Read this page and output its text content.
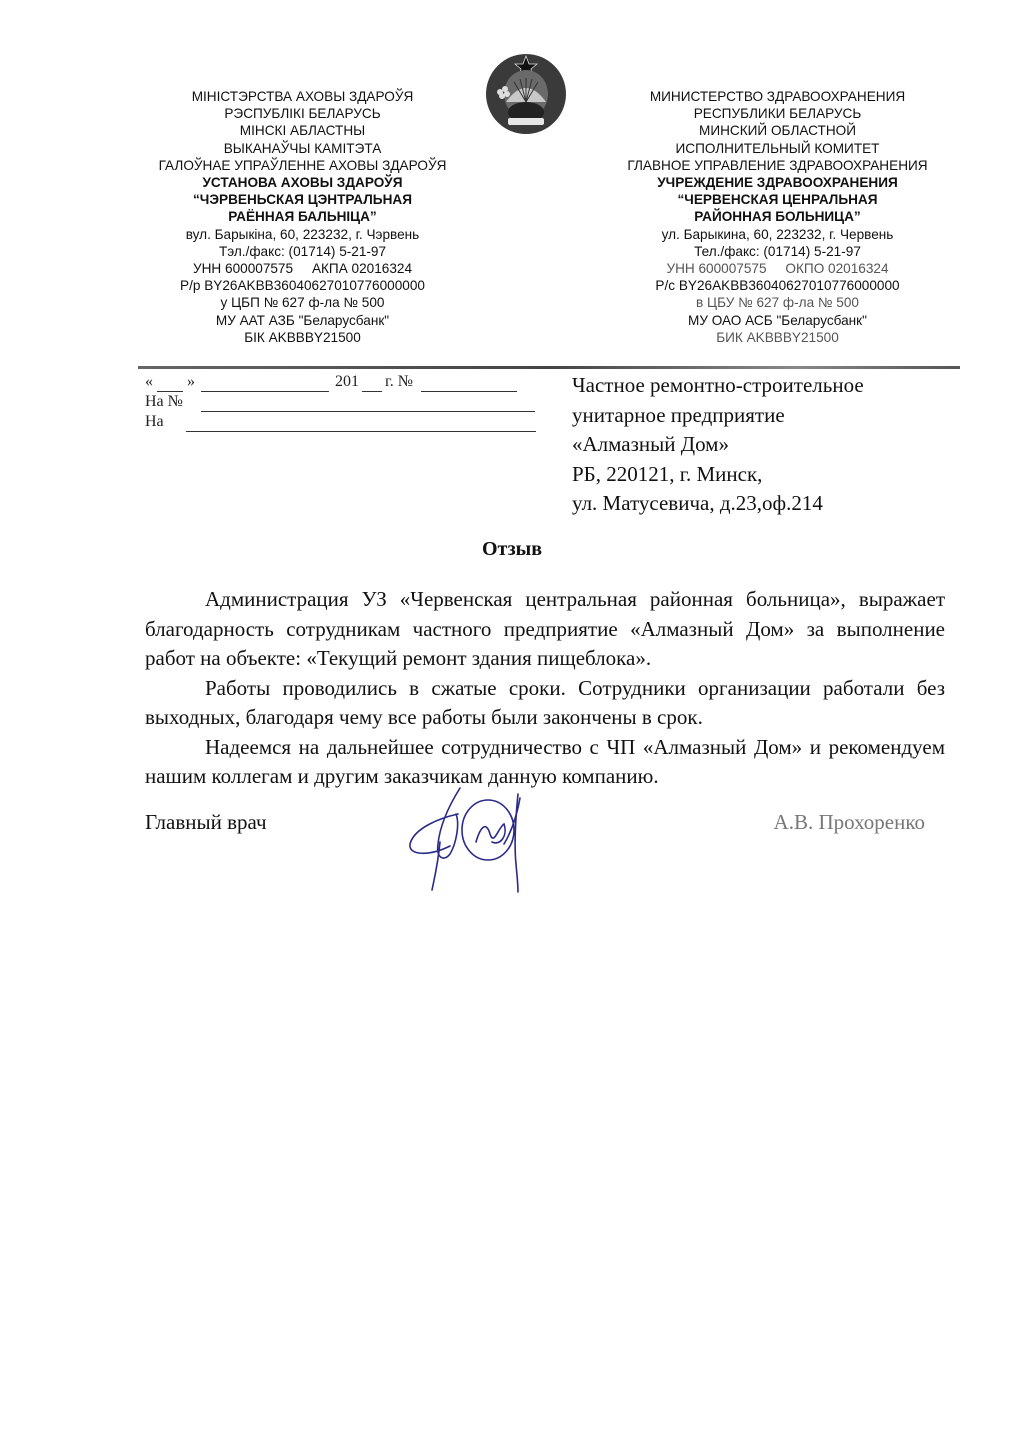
МІНІСТЭРСТВА АХОВЫ ЗДАРОЎЯ
РЭСПУБЛІКІ БЕЛАРУСЬ
МІНСКІ АБЛАСТНЫ
ВЫКАНАЎЧЫ КАМІТЭТА
ГАЛОЎНАЕ УПРАЎЛЕННЕ АХОВЫ ЗДАРОЎЯ
УСТАНОВА АХОВЫ ЗДАРОЎЯ
“ЧЭРВЕНЬСКАЯ ЦЭНТРАЛЬНАЯ
РАЁННАЯ БАЛЬНІЦА”
вул. Барыкіна, 60, 223232, г. Чэрвень
Тэл./факс: (01714) 5-21-97
УНН 600007575     АКПА 02016324
Р/р BY26AKBB36040627010776000000
у ЦБП № 627 ф-ла № 500
МУ ААТ АЗБ "Беларусбанк"
БІК AKBBBY21500
МИНИСТЕРСТВО ЗДРАВООХРАНЕНИЯ
РЕСПУБЛИКИ БЕЛАРУСЬ
МИНСКИЙ ОБЛАСТНОЙ
ИСПОЛНИТЕЛЬНЫЙ КОМИТЕТ
ГЛАВНОЕ УПРАВЛЕНИЕ ЗДРАВООХРАНЕНИЯ
УЧРЕЖДЕНИЕ ЗДРАВООХРАНЕНИЯ
“ЧЕРВЕНСКАЯ ЦЕНРАЛЬНАЯ
РАЙОННАЯ БОЛЬНИЦА”
ул. Барыкина, 60, 223232, г. Червень
Тел./факс: (01714) 5-21-97
УНН 600007575     ОКПО 02016324
Р/с BY26AKBB36040627010776000000
в ЦБУ № 627 ф-ла № 500
МУ ОАО АСБ "Беларусбанк"
БИК AKBBBY21500
« »	201 г. №
На №
На
Частное ремонтно-строительное
унитарное предприятие
«Алмазный Дом»
РБ, 220121, г. Минск,
ул. Матусевича, д.23,оф.214
Отзыв

Администрация УЗ «Червенская центральная районная больница», выражает благодарность сотрудникам частного предприятие «Алмазный Дом» за выполнение работ на объекте: «Текущий ремонт здания пищеблока».

Работы проводились в сжатые сроки. Сотрудники организации работали без выходных, благодаря чему все работы были закончены в срок.

Надеемся на дальнейшее сотрудничество с ЧП «Алмазный Дом» и рекомендуем нашим коллегам и другим заказчикам данную компанию.

Главный врач	А.В. Прохоренко
